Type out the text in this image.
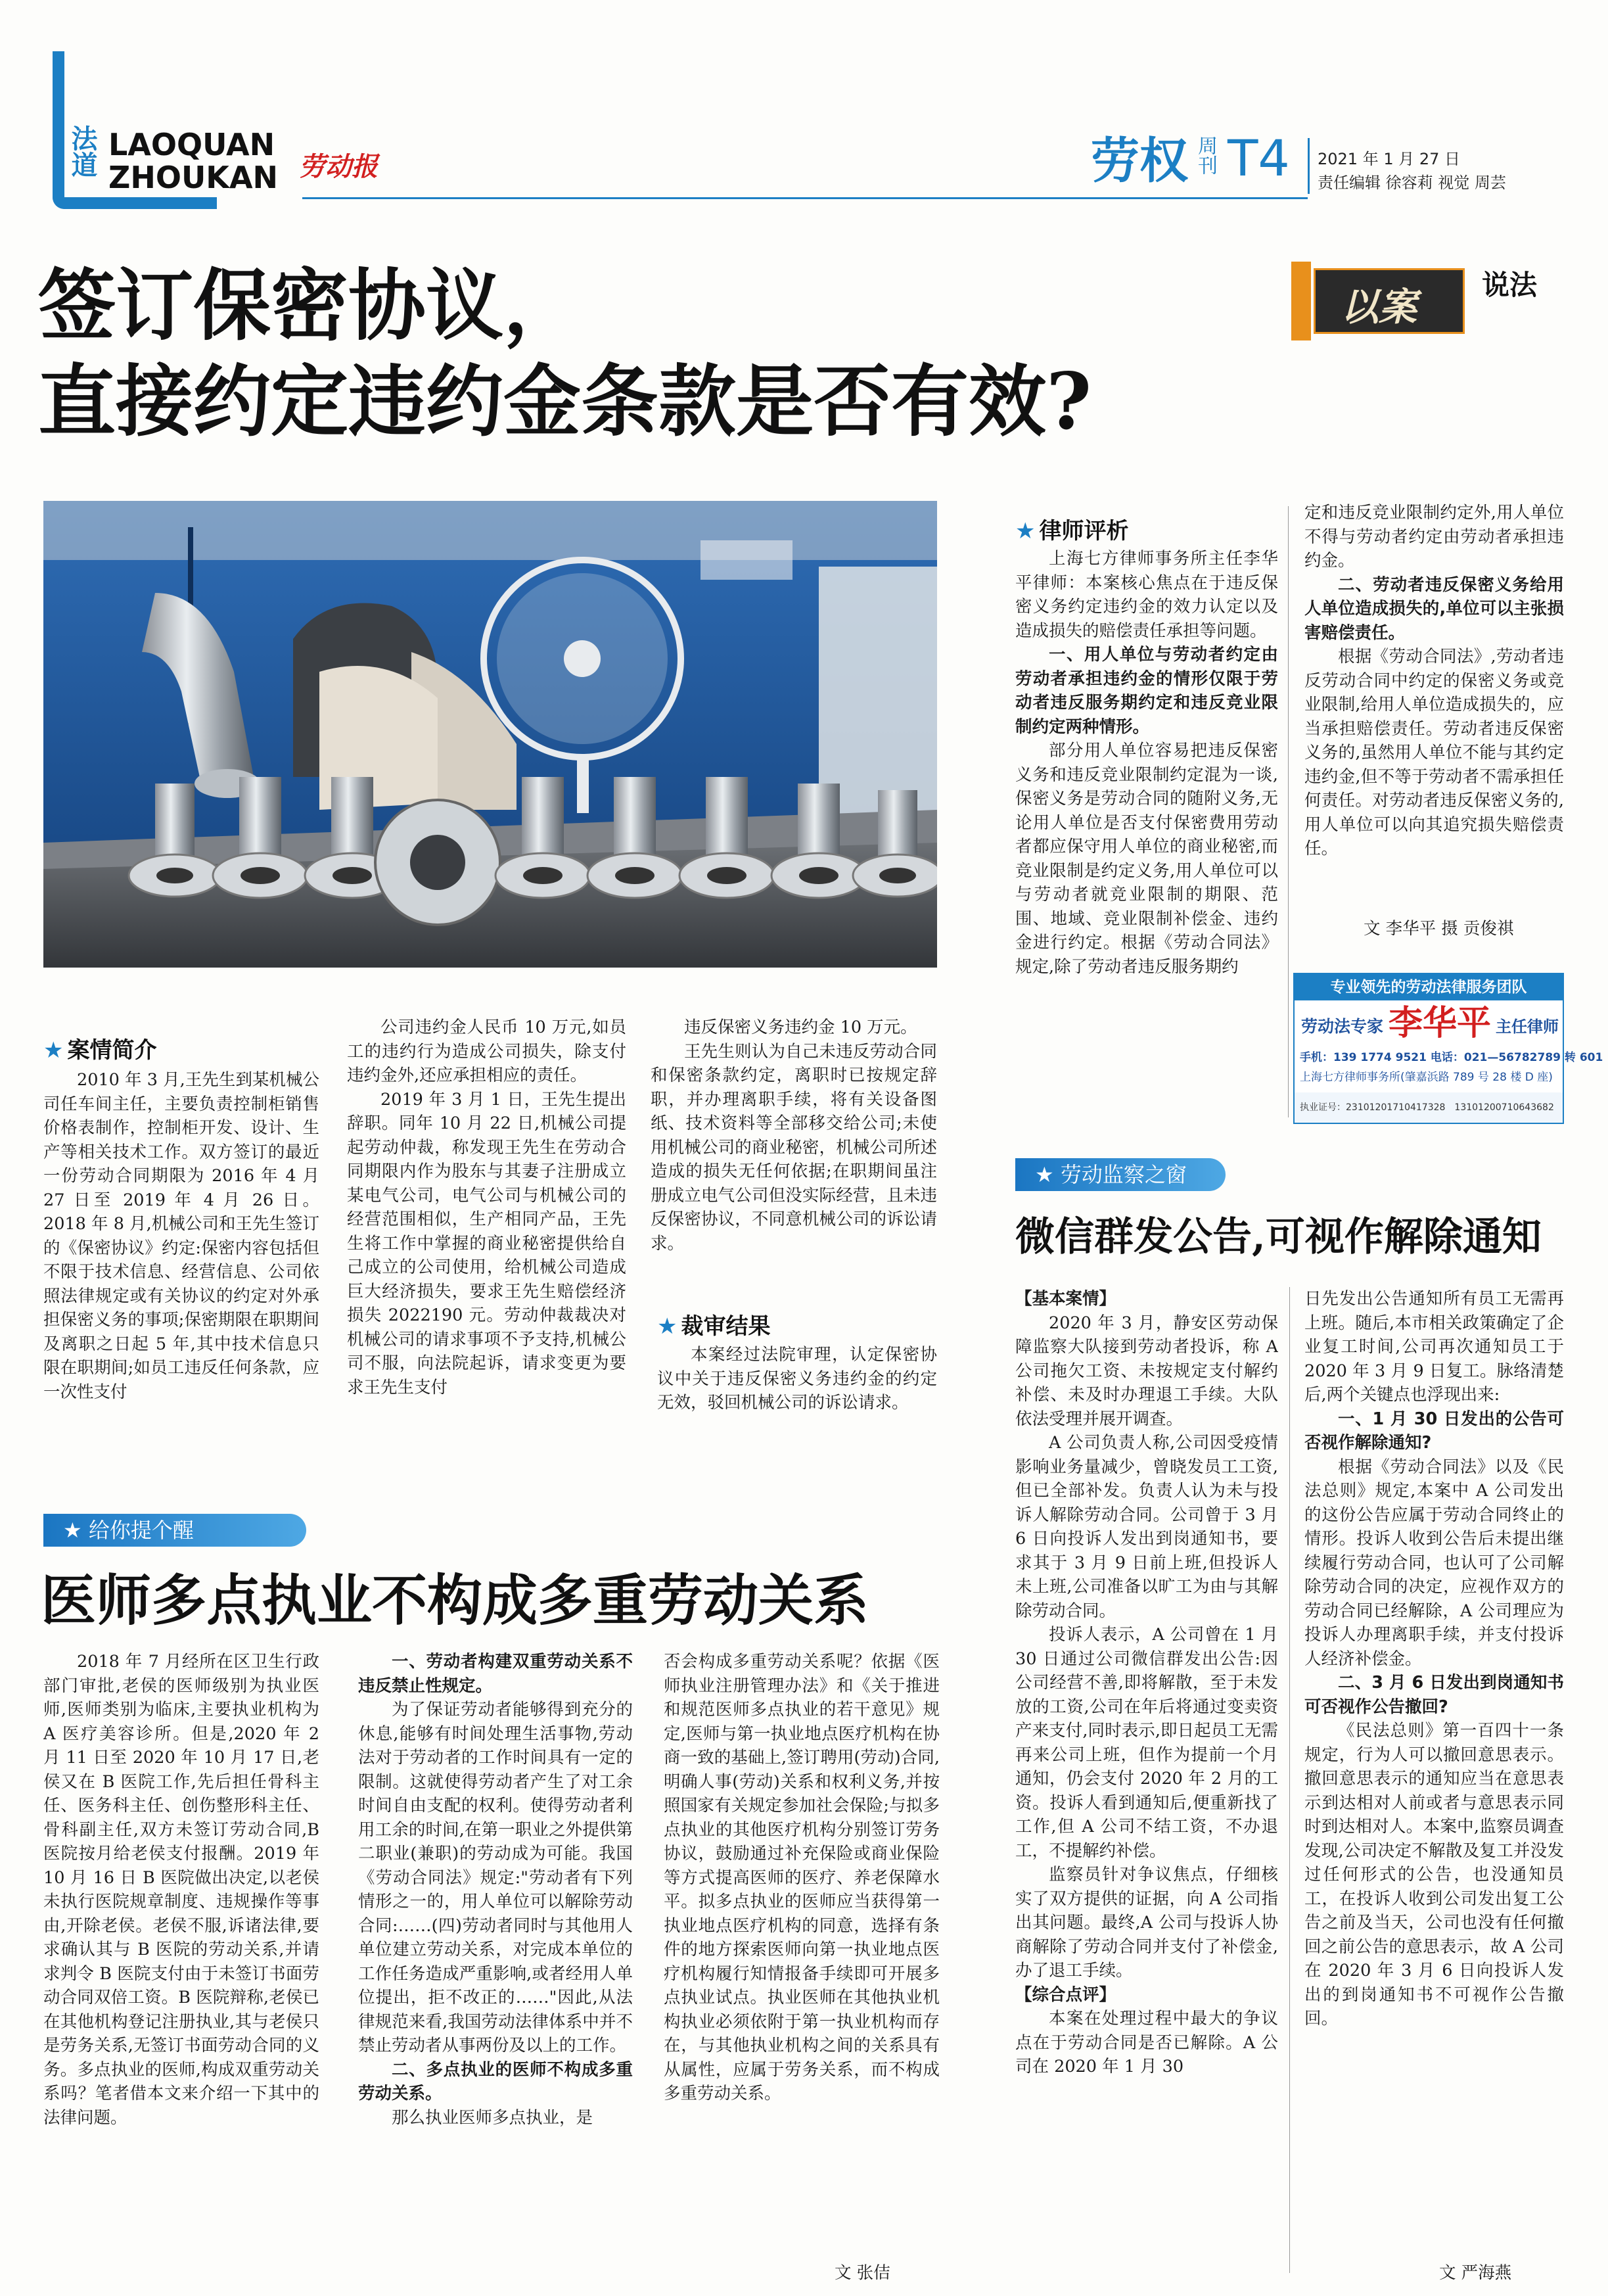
法道 LAOQUAN
ZHOUKAN 劳动报	劳权 周刊 T4 2021 年 1 月 27 日
责任编辑 徐容莉 视觉 周芸
以案 说法
签订保密协议，
直接约定违约金条款是否有效?
★ 案情简介

2010 年 3 月,王先生到某机械公司任车间主任，主要负责控制柜销售价格表制作，控制柜开发、设计、生产等相关技术工作。双方签订的最近一份劳动合同期限为 2016 年 4 月 27 日至 2019 年 4 月 26 日。2018 年 8 月,机械公司和王先生签订的《保密协议》约定:保密内容包括但不限于技术信息、经营信息、公司依照法律规定或有关协议的约定对外承担保密义务的事项;保密期限在职期间及离职之日起 5 年,其中技术信息只限在职期间;如员工违反任何条款，应一次性支付

公司违约金人民币 10 万元,如员工的违约行为造成公司损失，除支付违约金外,还应承担相应的责任。

2019 年 3 月 1 日，王先生提出辞职。同年 10 月 22 日,机械公司提起劳动仲裁，称发现王先生在劳动合同期限内作为股东与其妻子注册成立某电气公司，电气公司与机械公司的经营范围相似，生产相同产品，王先生将工作中掌握的商业秘密提供给自己成立的公司使用，给机械公司造成巨大经济损失，要求王先生赔偿经济损失 2022190 元。劳动仲裁裁决对机械公司的请求事项不予支持,机械公司不服，向法院起诉，请求变更为要求王先生支付

违反保密义务违约金 10 万元。

王先生则认为自己未违反劳动合同和保密条款约定，离职时已按规定辞职，并办理离职手续，将有关设备图纸、技术资料等全部移交给公司;未使用机械公司的商业秘密，机械公司所述造成的损失无任何依据;在职期间虽注册成立电气公司但没实际经营，且未违反保密协议，不同意机械公司的诉讼请求。

★ 裁审结果

本案经过法院审理，认定保密协议中关于违反保密义务违约金的约定无效，驳回机械公司的诉讼请求。

★ 律师评析

上海七方律师事务所主任李华平律师：本案核心焦点在于违反保密义务约定违约金的效力认定以及造成损失的赔偿责任承担等问题。

一、用人单位与劳动者约定由劳动者承担违约金的情形仅限于劳动者违反服务期约定和违反竞业限制约定两种情形。

部分用人单位容易把违反保密义务和违反竞业限制约定混为一谈,保密义务是劳动合同的随附义务,无论用人单位是否支付保密费用劳动者都应保守用人单位的商业秘密,而竞业限制是约定义务,用人单位可以与劳动者就竞业限制的期限、范围、地域、竞业限制补偿金、违约金进行约定。根据《劳动合同法》规定,除了劳动者违反服务期约

定和违反竞业限制约定外,用人单位不得与劳动者约定由劳动者承担违约金。

二、劳动者违反保密义务给用人单位造成损失的,单位可以主张损害赔偿责任。

根据《劳动合同法》,劳动者违反劳动合同中约定的保密义务或竞业限制,给用人单位造成损失的，应当承担赔偿责任。劳动者违反保密义务的,虽然用人单位不能与其约定违约金,但不等于劳动者不需承担任何责任。对劳动者违反保密义务的,用人单位可以向其追究损失赔偿责任。

文 李华平 摄 贡俊祺
专业领先的劳动法律服务团队
劳动法专家 李华平 主任律师
手机：139 1774 9521 电话：021—56782789 转 601
上海七方律师事务所(肇嘉浜路 789 号 28 楼 D 座)
执业证号：23101201710417328　13101200710643682
★ 劳动监察之窗
微信群发公告,可视作解除通知

【基本案情】

2020 年 3 月，静安区劳动保障监察大队接到劳动者投诉，称 A 公司拖欠工资、未按规定支付解约补偿、未及时办理退工手续。大队依法受理并展开调查。

A 公司负责人称,公司因受疫情影响业务量减少，曾晓发员工工资,但已全部补发。负责人认为未与投诉人解除劳动合同。公司曾于 3 月 6 日向投诉人发出到岗通知书，要求其于 3 月 9 日前上班,但投诉人未上班,公司准备以旷工为由与其解除劳动合同。

投诉人表示，A 公司曾在 1 月 30 日通过公司微信群发出公告:因公司经营不善,即将解散，至于未发放的工资,公司在年后将通过变卖资产来支付,同时表示,即日起员工无需再来公司上班，但作为提前一个月通知，仍会支付 2020 年 2 月的工资。投诉人看到通知后,便重新找了工作,但 A 公司不结工资，不办退工，不提解约补偿。

监察员针对争议焦点，仔细核实了双方提供的证据，向 A 公司指出其问题。最终,A 公司与投诉人协商解除了劳动合同并支付了补偿金,办了退工手续。

【综合点评】

本案在处理过程中最大的争议点在于劳动合同是否已解除。A 公司在 2020 年 1 月 30

日先发出公告通知所有员工无需再上班。随后,本市相关政策确定了企业复工时间,公司再次通知员工于 2020 年 3 月 9 日复工。脉络清楚后,两个关键点也浮现出来:

一、1 月 30 日发出的公告可否视作解除通知?

根据《劳动合同法》以及《民法总则》规定,本案中 A 公司发出的这份公告应属于劳动合同终止的情形。投诉人收到公告后未提出继续履行劳动合同，也认可了公司解除劳动合同的决定，应视作双方的劳动合同已经解除，A 公司理应为投诉人办理离职手续，并支付投诉人经济补偿金。

二、3 月 6 日发出到岗通知书可否视作公告撤回?

《民法总则》第一百四十一条规定，行为人可以撤回意思表示。撤回意思表示的通知应当在意思表示到达相对人前或者与意思表示同时到达相对人。本案中,监察员调查发现,公司决定不解散及复工并没发过任何形式的公告，也没通知员工，在投诉人收到公司发出复工公告之前及当天，公司也没有任何撤回之前公告的意思表示，故 A 公司在 2020 年 3 月 6 日向投诉人发出的到岗通知书不可视作公告撤回。

文 严海燕
★ 给你提个醒
医师多点执业不构成多重劳动关系

2018 年 7 月经所在区卫生行政部门审批,老侯的医师级别为执业医师,医师类别为临床,主要执业机构为 A 医疗美容诊所。但是,2020 年 2 月 11 日至 2020 年 10 月 17 日,老侯又在 B 医院工作,先后担任骨科主任、医务科主任、创伤整形科主任、骨科副主任,双方未签订劳动合同,B 医院按月给老侯支付报酬。2019 年 10 月 16 日 B 医院做出决定,以老侯未执行医院规章制度、违规操作等事由,开除老侯。老侯不服,诉诸法律,要求确认其与 B 医院的劳动关系,并请求判令 B 医院支付由于未签订书面劳动合同双倍工资。B 医院辩称,老侯已在其他机构登记注册执业,其与老侯只是劳务关系,无签订书面劳动合同的义务。多点执业的医师,构成双重劳动关系吗？笔者借本文来介绍一下其中的法律问题。

一、劳动者构建双重劳动关系不违反禁止性规定。

为了保证劳动者能够得到充分的休息,能够有时间处理生活事物,劳动法对于劳动者的工作时间具有一定的限制。这就使得劳动者产生了对工余时间自由支配的权利。使得劳动者利用工余的时间,在第一职业之外提供第二职业(兼职)的劳动成为可能。我国《劳动合同法》规定:"劳动者有下列情形之一的，用人单位可以解除劳动合同:……(四)劳动者同时与其他用人单位建立劳动关系，对完成本单位的工作任务造成严重影响,或者经用人单位提出，拒不改正的……"因此,从法律规范来看,我国劳动法律体系中并不禁止劳动者从事两份及以上的工作。

二、多点执业的医师不构成多重劳动关系。

那么执业医师多点执业，是

否会构成多重劳动关系呢？依据《医师执业注册管理办法》和《关于推进和规范医师多点执业的若干意见》规定,医师与第一执业地点医疗机构在协商一致的基础上,签订聘用(劳动)合同,明确人事(劳动)关系和权利义务,并按照国家有关规定参加社会保险;与拟多点执业的其他医疗机构分别签订劳务协议，鼓励通过补充保险或商业保险等方式提高医师的医疗、养老保障水平。拟多点执业的医师应当获得第一执业地点医疗机构的同意，选择有条件的地方探索医师向第一执业地点医疗机构履行知情报备手续即可开展多点执业试点。执业医师在其他执业机构执业必须依附于第一执业机构而存在，与其他执业机构之间的关系具有从属性，应属于劳务关系，而不构成多重劳动关系。

文 张佶
